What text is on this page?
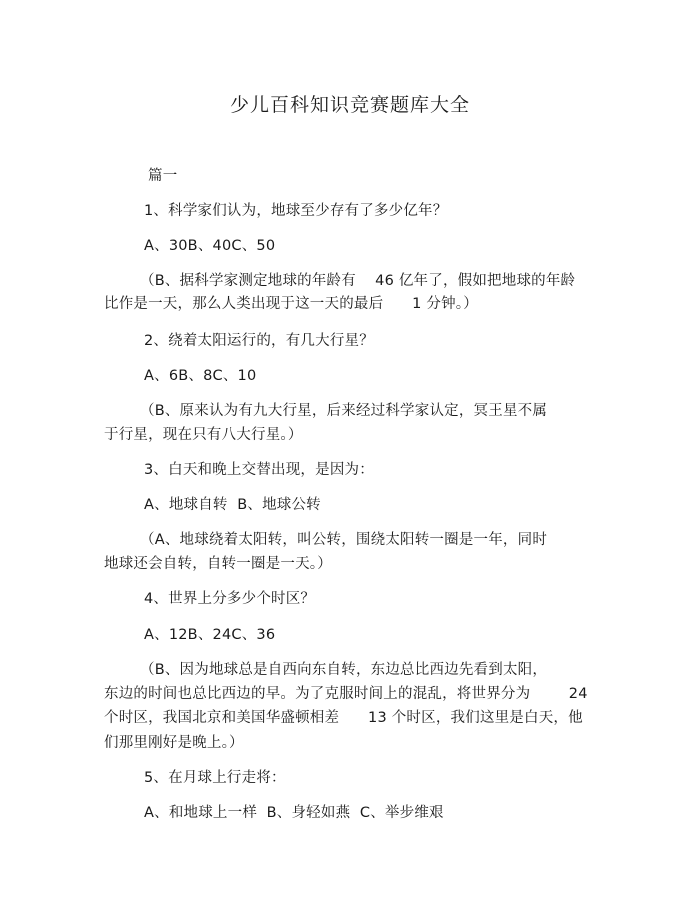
少儿百科知识竞赛题库大全
篇一
1、科学家们认为，地球至少存有了多少亿年？
A、30B、40C、50
（B、据科学家测定地球的年龄有    46 亿年了，假如把地球的年龄
比作是一天，那么人类出现于这一天的最后      1 分钟。）
2、绕着太阳运行的，有几大行星？
A、6B、8C、10
（B、原来认为有九大行星，后来经过科学家认定，冥王星不属
于行星，现在只有八大行星。）
3、白天和晚上交替出现，是因为：
A、地球自转  B、地球公转
（A、地球绕着太阳转，叫公转，围绕太阳转一圈是一年，同时
地球还会自转，自转一圈是一天。）
4、世界上分多少个时区？
A、12B、24C、36
（B、因为地球总是自西向东自转，东边总比西边先看到太阳，
东边的时间也总比西边的早。为了克服时间上的混乱，将世界分为        24
个时区，我国北京和美国华盛顿相差      13 个时区，我们这里是白天，他
们那里刚好是晚上。）
5、在月球上行走将：
A、和地球上一样  B、身轻如燕  C、举步维艰
